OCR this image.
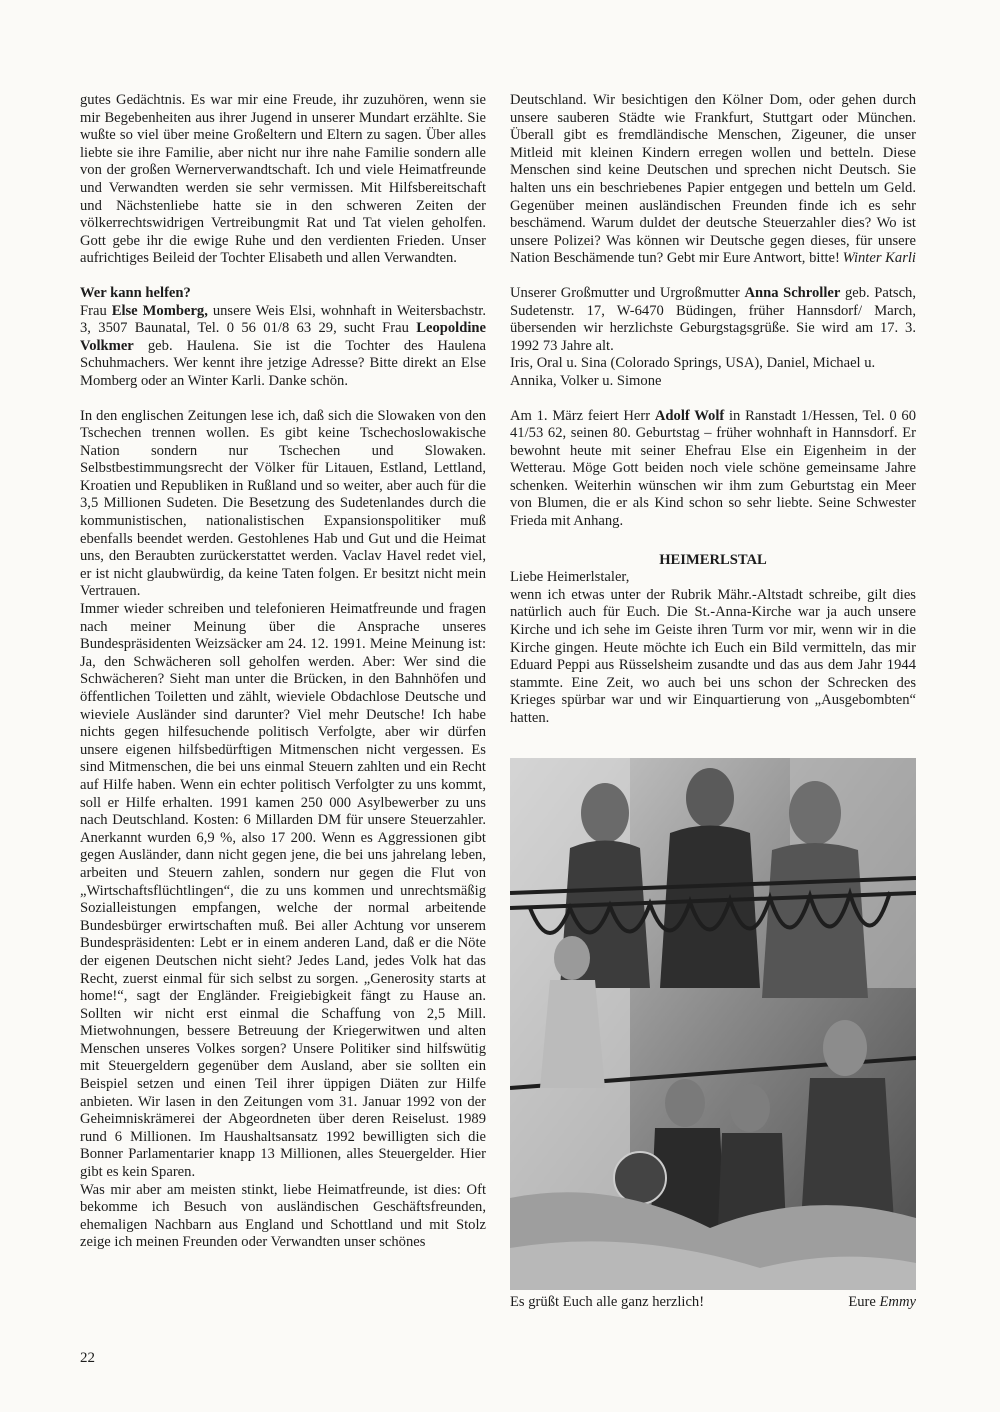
gutes Gedächtnis. Es war mir eine Freude, ihr zuzuhören, wenn sie mir Begebenheiten aus ihrer Jugend in unserer Mundart erzählte. Sie wußte so viel über meine Großeltern und Eltern zu sagen. Über alles liebte sie ihre Familie, aber nicht nur ihre nahe Familie sondern alle von der großen Wernerverwandtschaft. Ich und viele Heimatfreunde und Verwandten werden sie sehr vermissen. Mit Hilfsbereitschaft und Nächstenliebe hatte sie in den schweren Zeiten der völkerrechtswidrigen Vertreibungmit Rat und Tat vielen geholfen. Gott gebe ihr die ewige Ruhe und den verdienten Frieden. Unser aufrichtiges Beileid der Tochter Elisabeth und allen Verwandten.

Wer kann helfen?

Frau Else Momberg, unsere Weis Elsi, wohnhaft in Weitersbachstr. 3, 3507 Baunatal, Tel. 0 56 01/8 63 29, sucht Frau Leopoldine Volkmer geb. Haulena. Sie ist die Tochter des Haulena Schuhmachers. Wer kennt ihre jetzige Adresse? Bitte direkt an Else Momberg oder an Winter Karli. Danke schön.

In den englischen Zeitungen lese ich, daß sich die Slowaken von den Tschechen trennen wollen. Es gibt keine Tschechoslowakische Nation sondern nur Tschechen und Slowaken. Selbstbestimmungsrecht der Völker für Litauen, Estland, Lettland, Kroatien und Republiken in Rußland und so weiter, aber auch für die 3,5 Millionen Sudeten. Die Besetzung des Sudetenlandes durch die kommunistischen, nationalistischen Expansionspolitiker muß ebenfalls beendet werden. Gestohlenes Hab und Gut und die Heimat uns, den Beraubten zurückerstattet werden. Vaclav Havel redet viel, er ist nicht glaubwürdig, da keine Taten folgen. Er besitzt nicht mein Vertrauen.

Immer wieder schreiben und telefonieren Heimatfreunde und fragen nach meiner Meinung über die Ansprache unseres Bundespräsidenten Weizsäcker am 24. 12. 1991. Meine Meinung ist: Ja, den Schwächeren soll geholfen werden. Aber: Wer sind die Schwächeren? Sieht man unter die Brücken, in den Bahnhöfen und öffentlichen Toiletten und zählt, wieviele Obdachlose Deutsche und wieviele Ausländer sind darunter? Viel mehr Deutsche! Ich habe nichts gegen hilfesuchende politisch Verfolgte, aber wir dürfen unsere eigenen hilfsbedürftigen Mitmenschen nicht vergessen. Es sind Mitmenschen, die bei uns einmal Steuern zahlten und ein Recht auf Hilfe haben. Wenn ein echter politisch Verfolgter zu uns kommt, soll er Hilfe erhalten. 1991 kamen 250 000 Asylbewerber zu uns nach Deutschland. Kosten: 6 Millarden DM für unsere Steuerzahler. Anerkannt wurden 6,9 %, also 17 200. Wenn es Aggressionen gibt gegen Ausländer, dann nicht gegen jene, die bei uns jahrelang leben, arbeiten und Steuern zahlen, sondern nur gegen die Flut von „Wirtschaftsflüchtlingen“, die zu uns kommen und unrechtsmäßig Sozialleistungen empfangen, welche der normal arbeitende Bundesbürger erwirtschaften muß. Bei aller Achtung vor unserem Bundespräsidenten: Lebt er in einem anderen Land, daß er die Nöte der eigenen Deutschen nicht sieht? Jedes Land, jedes Volk hat das Recht, zuerst einmal für sich selbst zu sorgen. „Generosity starts at home!“, sagt der Engländer. Freigiebigkeit fängt zu Hause an. Sollten wir nicht erst einmal die Schaffung von 2,5 Mill. Mietwohnungen, bessere Betreuung der Kriegerwitwen und alten Menschen unseres Volkes sorgen? Unsere Politiker sind hilfswütig mit Steuergeldern gegenüber dem Ausland, aber sie sollten ein Beispiel setzen und einen Teil ihrer üppigen Diäten zur Hilfe anbieten. Wir lasen in den Zeitungen vom 31. Januar 1992 von der Geheimniskrämerei der Abgeordneten über deren Reiselust. 1989 rund 6 Millionen. Im Haushaltsansatz 1992 bewilligten sich die Bonner Parlamentarier knapp 13 Millionen, alles Steuergelder. Hier gibt es kein Sparen.

Was mir aber am meisten stinkt, liebe Heimatfreunde, ist dies: Oft bekomme ich Besuch von ausländischen Geschäftsfreunden, ehemaligen Nachbarn aus England und Schottland und mit Stolz zeige ich meinen Freunden oder Verwandten unser schönes

Deutschland. Wir besichtigen den Kölner Dom, oder gehen durch unsere sauberen Städte wie Frankfurt, Stuttgart oder München. Überall gibt es fremdländische Menschen, Zigeuner, die unser Mitleid mit kleinen Kindern erregen wollen und betteln. Diese Menschen sind keine Deutschen und sprechen nicht Deutsch. Sie halten uns ein beschriebenes Papier entgegen und betteln um Geld. Gegenüber meinen ausländischen Freunden finde ich es sehr beschämend. Warum duldet der deutsche Steuerzahler dies? Wo ist unsere Polizei? Was können wir Deutsche gegen dieses, für unsere Nation Beschämende tun? Gebt mir Eure Antwort, bitte! Winter Karli

Unserer Großmutter und Urgroßmutter Anna Schroller geb. Patsch, Sudetenstr. 17, W-6470 Büdingen, früher Hannsdorf/ March, übersenden wir herzlichste Geburgstagsgrüße. Sie wird am 17. 3. 1992 73 Jahre alt.

Iris, Oral u. Sina (Colorado Springs, USA), Daniel, Michael u. Annika, Volker u. Simone

Am 1. März feiert Herr Adolf Wolf in Ranstadt 1/Hessen, Tel. 0 60 41/53 62, seinen 80. Geburtstag – früher wohnhaft in Hannsdorf. Er bewohnt heute mit seiner Ehefrau Else ein Eigenheim in der Wetterau. Möge Gott beiden noch viele schöne gemeinsame Jahre schenken. Weiterhin wünschen wir ihm zum Geburtstag ein Meer von Blumen, die er als Kind schon so sehr liebte. Seine Schwester Frieda mit Anhang.

HEIMERLSTAL

Liebe Heimerlstaler,

wenn ich etwas unter der Rubrik Mähr.-Altstadt schreibe, gilt dies natürlich auch für Euch. Die St.-Anna-Kirche war ja auch unsere Kirche und ich sehe im Geiste ihren Turm vor mir, wenn wir in die Kirche gingen. Heute möchte ich Euch ein Bild vermitteln, das mir Eduard Peppi aus Rüsselsheim zusandte und das aus dem Jahr 1944 stammte. Eine Zeit, wo auch bei uns schon der Schrecken des Krieges spürbar war und wir Einquartierung von „Ausgebombten“ hatten.

Es grüßt Euch alle ganz herzlich!	Eure Emmy
22
